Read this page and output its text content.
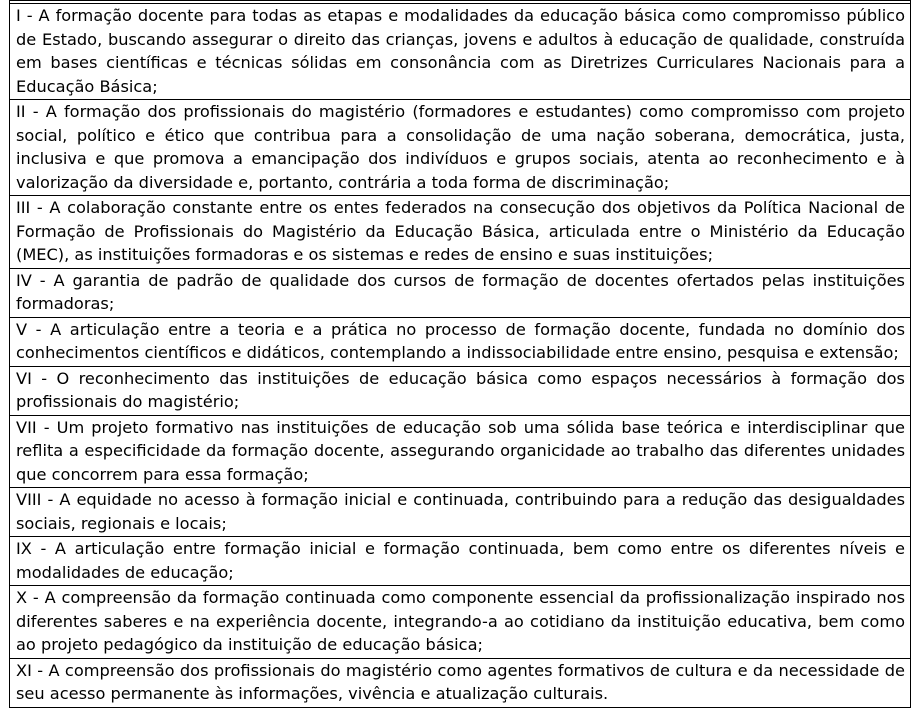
I - A formação docente para todas as etapas e modalidades da educação básica como compromisso público de Estado, buscando assegurar o direito das crianças, jovens e adultos à educação de qualidade, construída em bases científicas e técnicas sólidas em consonância com as Diretrizes Curriculares Nacionais para a Educação Básica;
II - A formação dos profissionais do magistério (formadores e estudantes) como compromisso com projeto social, político e ético que contribua para a consolidação de uma nação soberana, democrática, justa, inclusiva e que promova a emancipação dos indivíduos e grupos sociais, atenta ao reconhecimento e à valorização da diversidade e, portanto, contrária a toda forma de discriminação;
III - A colaboração constante entre os entes federados na consecução dos objetivos da Política Nacional de Formação de Profissionais do Magistério da Educação Básica, articulada entre o Ministério da Educação (MEC), as instituições formadoras e os sistemas e redes de ensino e suas instituições;
IV - A garantia de padrão de qualidade dos cursos de formação de docentes ofertados pelas instituições formadoras;
V - A articulação entre a teoria e a prática no processo de formação docente, fundada no domínio dos conhecimentos científicos e didáticos, contemplando a indissociabilidade entre ensino, pesquisa e extensão;
VI - O reconhecimento das instituições de educação básica como espaços necessários à formação dos profissionais do magistério;
VII - Um projeto formativo nas instituições de educação sob uma sólida base teórica e interdisciplinar que reflita a especificidade da formação docente, assegurando organicidade ao trabalho das diferentes unidades que concorrem para essa formação;
VIII - A equidade no acesso à formação inicial e continuada, contribuindo para a redução das desigualdades sociais, regionais e locais;
IX - A articulação entre formação inicial e formação continuada, bem como entre os diferentes níveis e modalidades de educação;
X - A compreensão da formação continuada como componente essencial da profissionalização inspirado nos diferentes saberes e na experiência docente, integrando-a ao cotidiano da instituição educativa, bem como ao projeto pedagógico da instituição de educação básica;
XI - A compreensão dos profissionais do magistério como agentes formativos de cultura e da necessidade de seu acesso permanente às informações, vivência e atualização culturais.
